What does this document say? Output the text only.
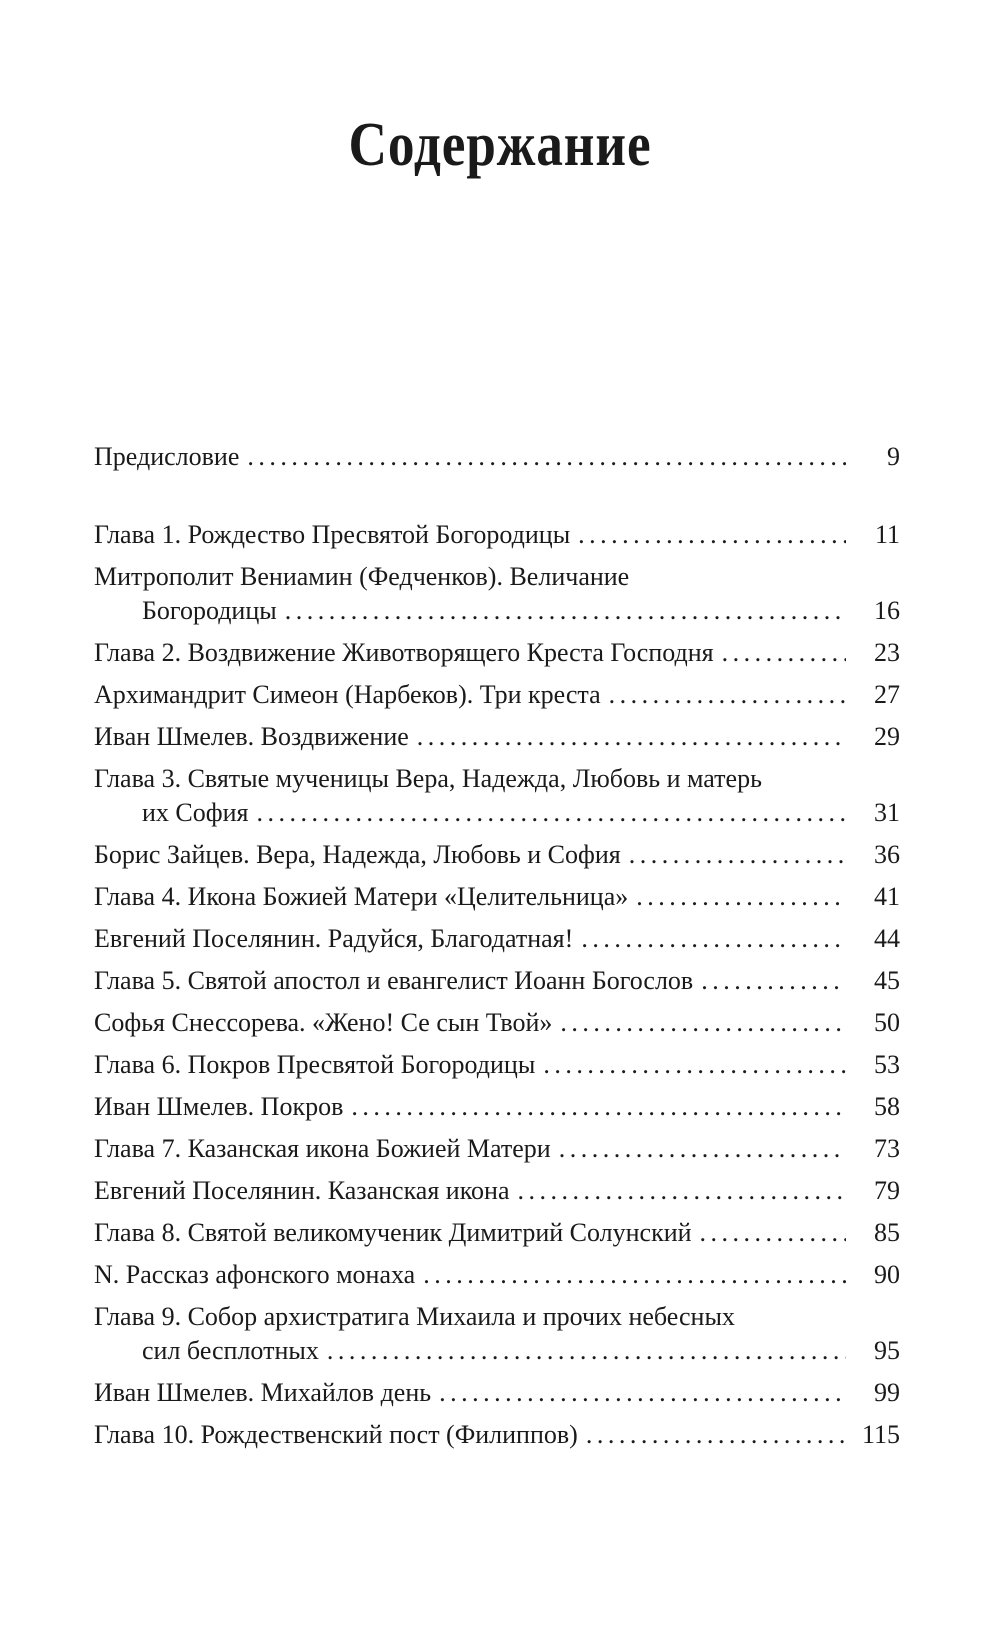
Содержание
Предисловие . . .	9
Глава 1. Рождество Пресвятой Богородицы . . .	11
Митрополит Вениамин (Федченков). Величание
Богородицы . . .	16
Глава 2. Воздвижение Животворящего Креста Господня . . .	23
Архимандрит Симеон (Нарбеков). Три креста . . .	27
Иван Шмелев. Воздвижение . . .	29
Глава 3. Святые мученицы Вера, Надежда, Любовь и матерь
их София . . .	31
Борис Зайцев. Вера, Надежда, Любовь и София . . .	36
Глава 4. Икона Божией Матери «Целительница» . . .	41
Евгений Поселянин. Радуйся, Благодатная! . . .	44
Глава 5. Святой апостол и евангелист Иоанн Богослов . . .	45
Софья Снессорева. «Жено! Се сын Твой» . . .	50
Глава 6. Покров Пресвятой Богородицы . . .	53
Иван Шмелев. Покров . . .	58
Глава 7. Казанская икона Божией Матери . . .	73
Евгений Поселянин. Казанская икона . . .	79
Глава 8. Святой великомученик Димитрий Солунский . . .	85
N. Рассказ афонского монаха . . .	90
Глава 9. Собор архистратига Михаила и прочих небесных
сил бесплотных . . .	95
Иван Шмелев. Михайлов день . . .	99
Глава 10. Рождественский пост (Филиппов) . . .	115
